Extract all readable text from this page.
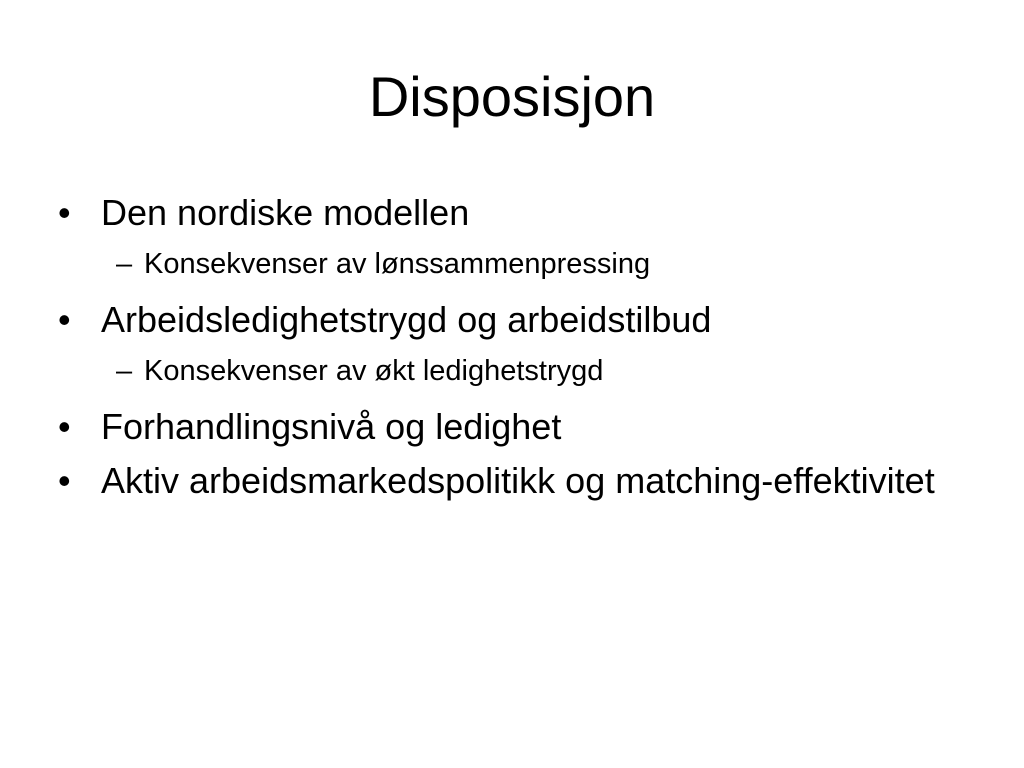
Disposisjon
• Den nordiske modellen
– Konsekvenser av lønssammenpressing
• Arbeidsledighetstrygd og arbeidstilbud
– Konsekvenser av økt ledighetstrygd
• Forhandlingsnivå og ledighet
• Aktiv arbeidsmarkedspolitikk og matching-effektivitet
